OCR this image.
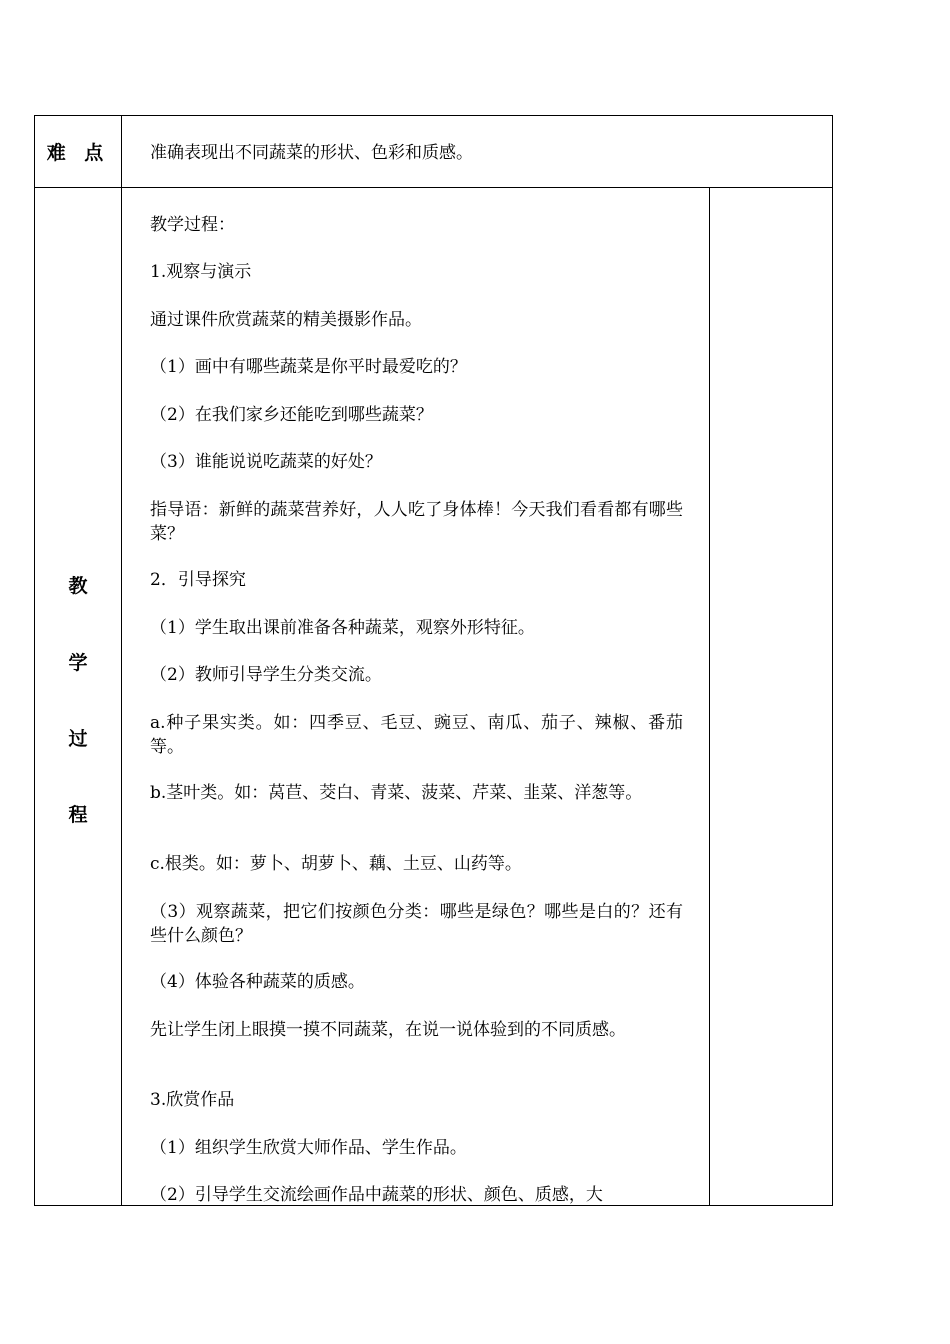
难 点	准确表现出不同蔬菜的形状、色彩和质感。
教
学
过
程
教学过程：
1.观察与演示
通过课件欣赏蔬菜的精美摄影作品。
（1）画中有哪些蔬菜是你平时最爱吃的？
（2）在我们家乡还能吃到哪些蔬菜？
（3）谁能说说吃蔬菜的好处？
指导语：新鲜的蔬菜营养好，人人吃了身体棒！今天我们看看都有哪些菜？
2．引导探究
（1）学生取出课前准备各种蔬菜，观察外形特征。
（2）教师引导学生分类交流。
a.种子果实类。如：四季豆、毛豆、豌豆、南瓜、茄子、辣椒、番茄等。
b.茎叶类。如：莴苣、茭白、青菜、菠菜、芹菜、韭菜、洋葱等。
c.根类。如：萝卜、胡萝卜、藕、土豆、山药等。
（3）观察蔬菜，把它们按颜色分类：哪些是绿色？哪些是白的？还有些什么颜色？
（4）体验各种蔬菜的质感。
先让学生闭上眼摸一摸不同蔬菜，在说一说体验到的不同质感。
3.欣赏作品
（1）组织学生欣赏大师作品、学生作品。
（2）引导学生交流绘画作品中蔬菜的形状、颜色、质感，大
